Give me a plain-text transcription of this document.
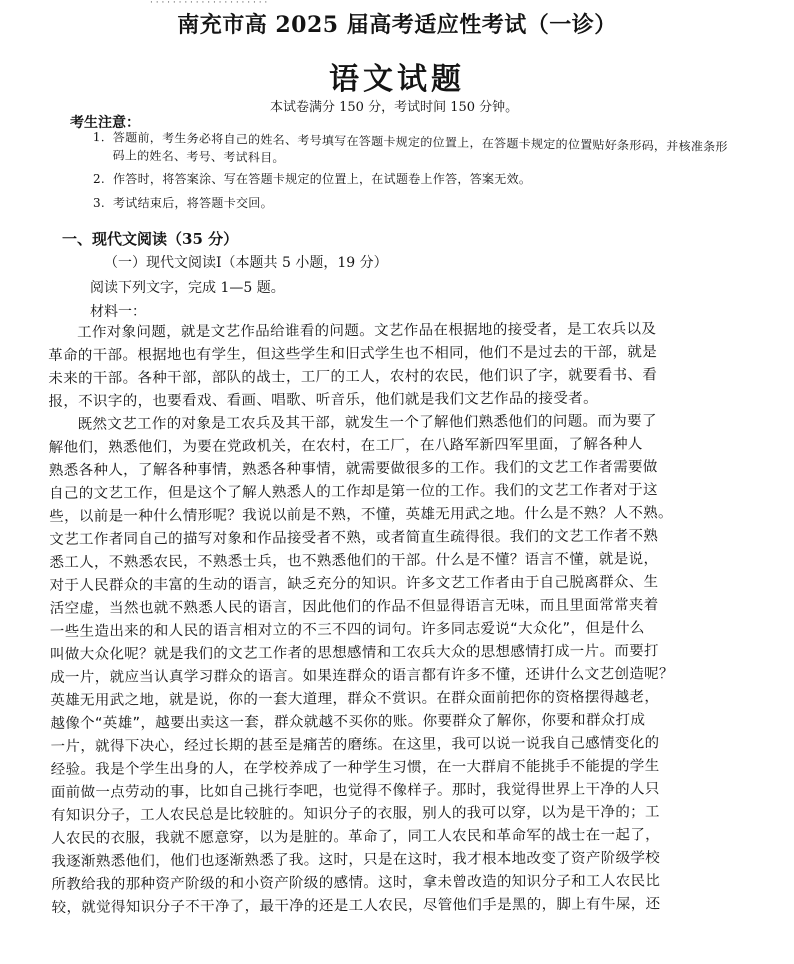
· · · · · · · · · · · · · · · · · · · · ·
南充市高 2025 届高考适应性考试（一诊）
语文试题
本试卷满分 150 分，考试时间 150 分钟。
考生注意：
1. 答题前，考生务必将自己的姓名、考号填写在答题卡规定的位置上，在答题卡规定的位置贴好条形码，并核准条形码上的姓名、考号、考试科目。
2. 作答时，将答案涂、写在答题卡规定的位置上，在试题卷上作答，答案无效。
3. 考试结束后，将答题卡交回。
一、现代文阅读（35 分）
（一）现代文阅读Ⅰ（本题共 5 小题，19 分）
阅读下列文字，完成 1—5 题。
材料一：
工作对象问题，就是文艺作品给谁看的问题。文艺作品在根据地的接受者，是工农兵以及
革命的干部。根据地也有学生，但这些学生和旧式学生也不相同，他们不是过去的干部，就是
未来的干部。各种干部，部队的战士，工厂的工人，农村的农民，他们识了字，就要看书、看
报，不识字的，也要看戏、看画、唱歌、听音乐，他们就是我们文艺作品的接受者。
既然文艺工作的对象是工农兵及其干部，就发生一个了解他们熟悉他们的问题。而为要了
解他们，熟悉他们，为要在党政机关，在农村，在工厂，在八路军新四军里面，了解各种人
熟悉各种人，了解各种事情，熟悉各种事情，就需要做很多的工作。我们的文艺工作者需要做
自己的文艺工作，但是这个了解人熟悉人的工作却是第一位的工作。我们的文艺工作者对于这
些，以前是一种什么情形呢？我说以前是不熟，不懂，英雄无用武之地。什么是不熟？人不熟。
文艺工作者同自己的描写对象和作品接受者不熟，或者简直生疏得很。我们的文艺工作者不熟
悉工人，不熟悉农民，不熟悉士兵，也不熟悉他们的干部。什么是不懂？语言不懂，就是说，
对于人民群众的丰富的生动的语言，缺乏充分的知识。许多文艺工作者由于自己脱离群众、生
活空虚，当然也就不熟悉人民的语言，因此他们的作品不但显得语言无味，而且里面常常夹着
一些生造出来的和人民的语言相对立的不三不四的词句。许多同志爱说“大众化”，但是什么
叫做大众化呢？就是我们的文艺工作者的思想感情和工农兵大众的思想感情打成一片。而要打
成一片，就应当认真学习群众的语言。如果连群众的语言都有许多不懂，还讲什么文艺创造呢？
英雄无用武之地，就是说，你的一套大道理，群众不赏识。在群众面前把你的资格摆得越老，
越像个“英雄”，越要出卖这一套，群众就越不买你的账。你要群众了解你，你要和群众打成
一片，就得下决心，经过长期的甚至是痛苦的磨练。在这里，我可以说一说我自己感情变化的
经验。我是个学生出身的人，在学校养成了一种学生习惯，在一大群肩不能挑手不能提的学生
面前做一点劳动的事，比如自己挑行李吧，也觉得不像样子。那时，我觉得世界上干净的人只
有知识分子，工人农民总是比较脏的。知识分子的衣服，别人的我可以穿，以为是干净的；工
人农民的衣服，我就不愿意穿，以为是脏的。革命了，同工人农民和革命军的战士在一起了，
我逐渐熟悉他们，他们也逐渐熟悉了我。这时，只是在这时，我才根本地改变了资产阶级学校
所教给我的那种资产阶级的和小资产阶级的感情。这时，拿未曾改造的知识分子和工人农民比
较，就觉得知识分子不干净了，最干净的还是工人农民，尽管他们手是黑的，脚上有牛屎，还
